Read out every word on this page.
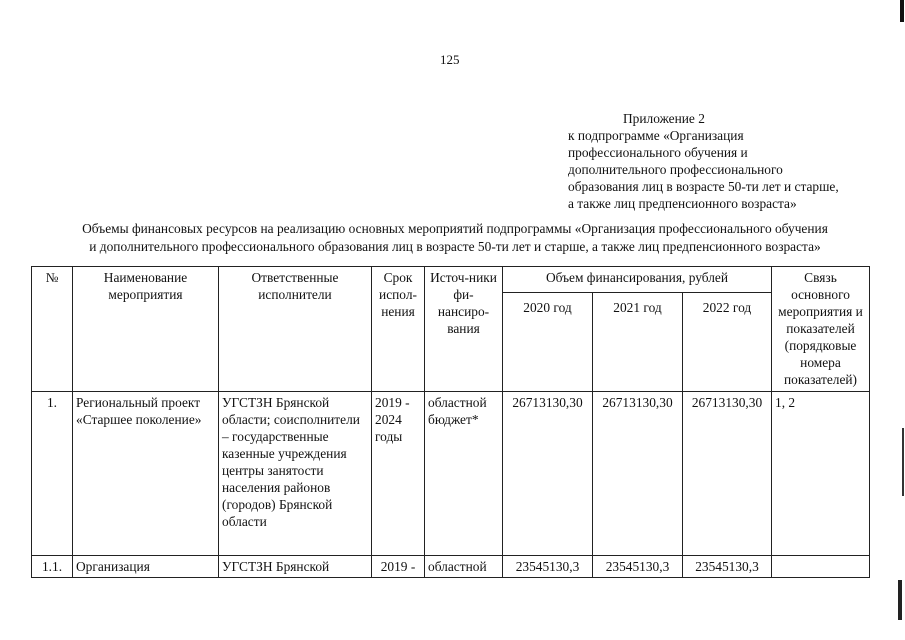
125
Приложение 2
к подпрограмме «Организация
профессионального обучения и
дополнительного профессионального
образования лиц в возрасте 50-ти лет и старше,
а также лиц предпенсионного возраста»
Объемы финансовых ресурсов на реализацию основных мероприятий подпрограммы «Организация профессионального обучения
и дополнительного профессионального образования лиц в возрасте 50-ти лет и старше, а также лиц предпенсионного возраста»
№	Наименование мероприятия	Ответственные исполнители	Срок испол-нения	Источ-ники фи-нансиро-вания	Объем финансирования, рублей			Связь основного мероприятия и показателей (порядковые номера показателей)
					2020 год	2021 год	2022 год	
1.	Региональный проект «Старшее поколение»	УГСТЗН Брянской области; соисполнители – государственные казенные учреждения центры занятости населения районов (городов) Брянской области	2019 - 2024 годы	областной бюджет*	26713130,30	26713130,30	26713130,30	1, 2
1.1.	Организация	УГСТЗН Брянской	2019 -	областной	23545130,3	23545130,3	23545130,3	
